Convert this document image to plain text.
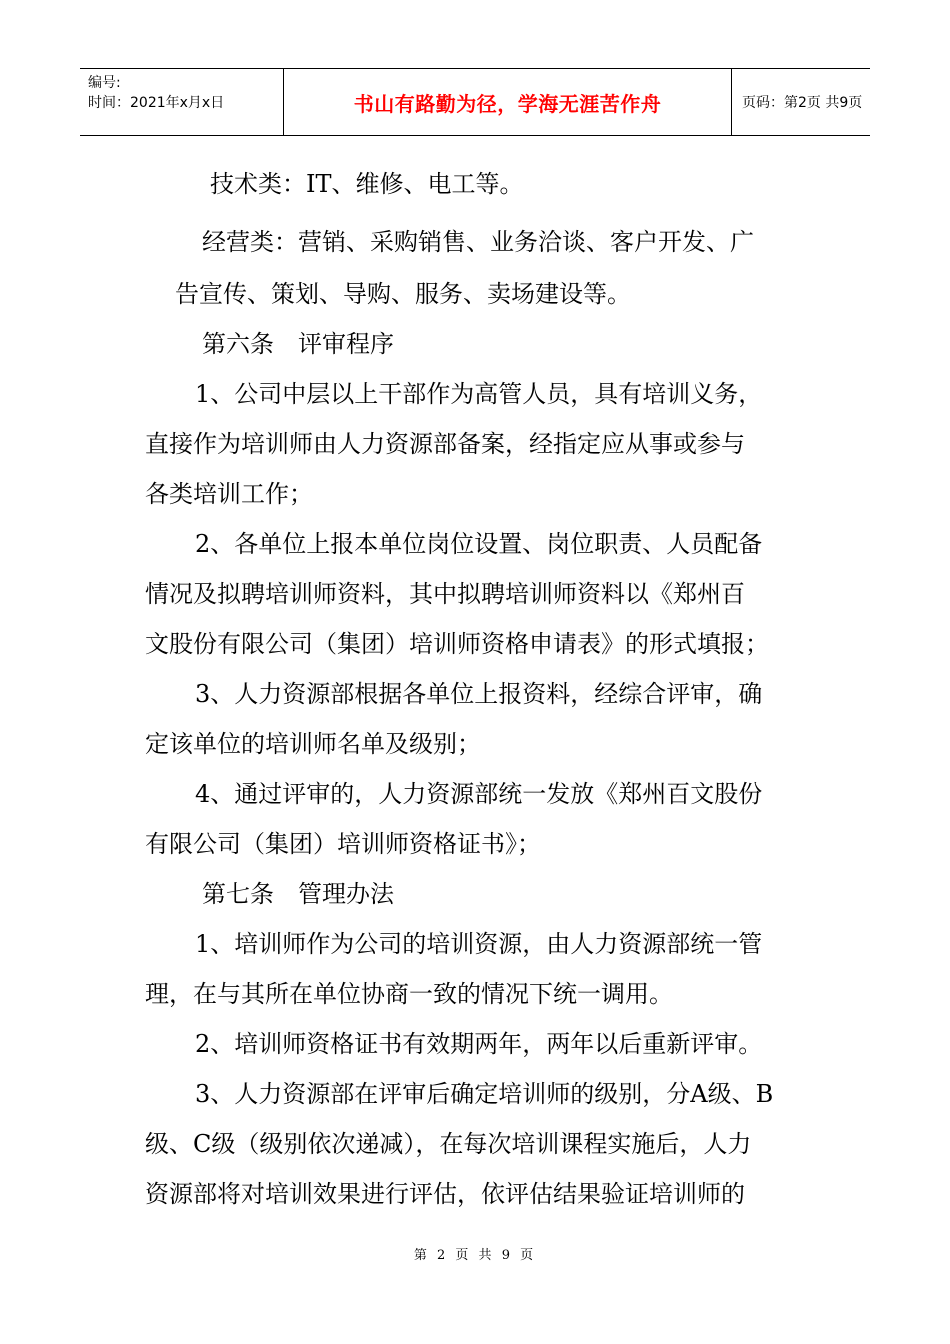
编号:
时间：2021年x月x日	书山有路勤为径，学海无涯苦作舟	页码：第2页 共9页
技术类：IT、维修、电工等。
经营类：营销、采购销售、业务洽谈、客户开发、广
告宣传、策划、导购、服务、卖场建设等。
第六条　评审程序
1、公司中层以上干部作为高管人员，具有培训义务，
直接作为培训师由人力资源部备案，经指定应从事或参与
各类培训工作；
2、各单位上报本单位岗位设置、岗位职责、人员配备
情况及拟聘培训师资料，其中拟聘培训师资料以《郑州百
文股份有限公司（集团）培训师资格申请表》的形式填报；
3、人力资源部根据各单位上报资料，经综合评审，确
定该单位的培训师名单及级别；
4、通过评审的，人力资源部统一发放《郑州百文股份
有限公司（集团）培训师资格证书》；
第七条　管理办法
1、培训师作为公司的培训资源，由人力资源部统一管
理，在与其所在单位协商一致的情况下统一调用。
2、培训师资格证书有效期两年，两年以后重新评审。
3、人力资源部在评审后确定培训师的级别，分A级、B
级、C级（级别依次递减），在每次培训课程实施后，人力
资源部将对培训效果进行评估，依评估结果验证培训师的
第 2 页 共 9 页
